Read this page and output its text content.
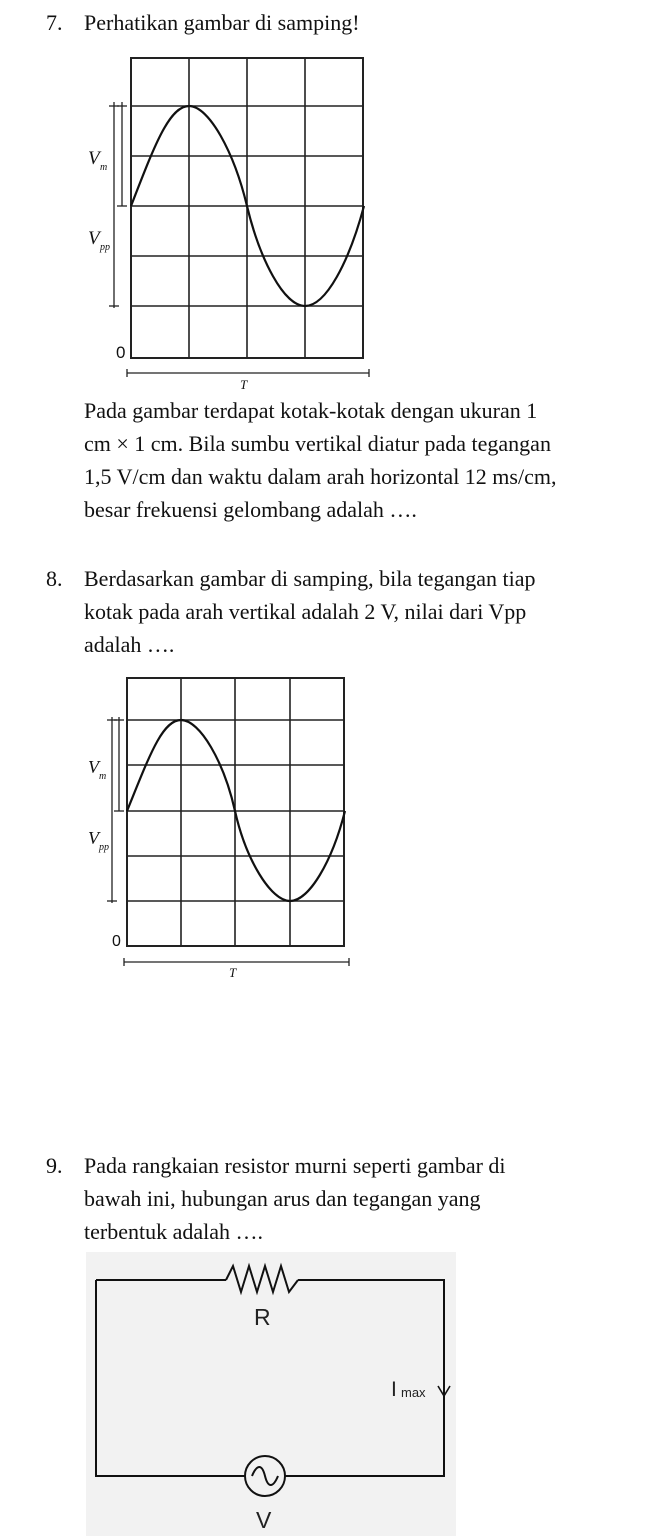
7. Perhatikan gambar di samping!
V m
V pp
0
T
Pada gambar terdapat kotak-kotak dengan ukuran 1
cm × 1 cm. Bila sumbu vertikal diatur pada tegangan
1,5 V/cm dan waktu dalam arah horizontal 12 ms/cm,
besar frekuensi gelombang adalah ….
8. Berdasarkan gambar di samping, bila tegangan tiap
kotak pada arah vertikal adalah 2 V, nilai dari Vpp
adalah ….
V m
V pp
0
T
9. Pada rangkaian resistor murni seperti gambar di
bawah ini, hubungan arus dan tegangan yang
terbentuk adalah ….
R
I max
V
